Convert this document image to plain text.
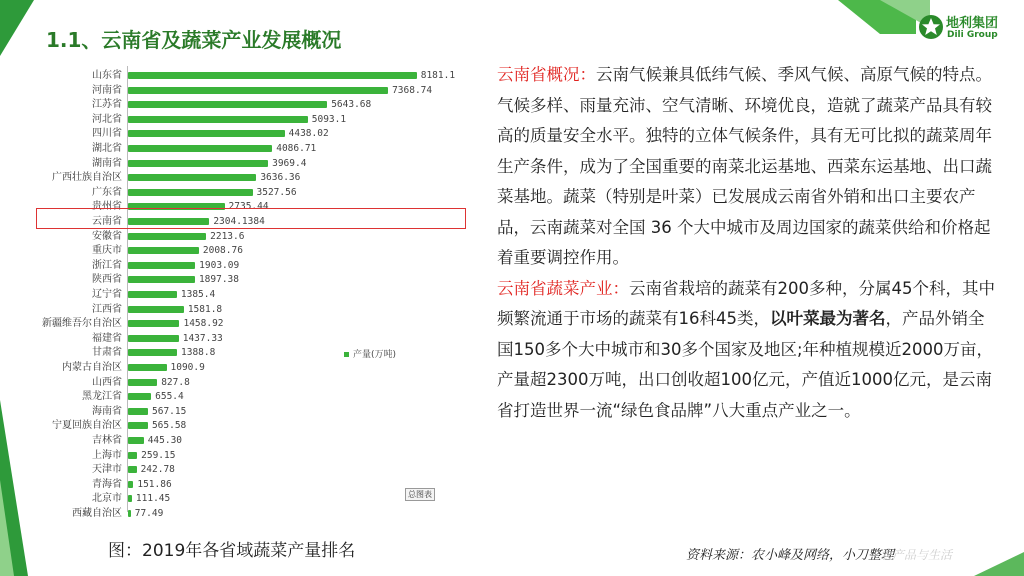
1.1、云南省及蔬菜产业发展概况
地利集团
Dili Group
产量(万吨)
山东省	8181.1
河南省	7368.74
江苏省	5643.68
河北省	5093.1
四川省	4438.02
湖北省	4086.71
湖南省	3969.4
广西壮族自治区	3636.36
广东省	3527.56
贵州省	2735.44
云南省	2304.1384
安徽省	2213.6
重庆市	2008.76
浙江省	1903.09
陕西省	1897.38
辽宁省	1385.4
江西省	1581.8
新疆维吾尔自治区	1458.92
福建省	1437.33
甘肃省	1388.8
内蒙古自治区	1090.9
山西省	827.8
黑龙江省	655.4
海南省	567.15
宁夏回族自治区	565.58
吉林省	445.30
上海市 259.15
天津市 242.78
青海省 151.86
北京市 111.45
西藏自治区 77.49
总图表
图：2019年各省域蔬菜产量排名

云南省概况：云南气候兼具低纬气候、季风气候、高原气候的特点。气候多样、雨量充沛、空气清晰、环境优良，造就了蔬菜产品具有较高的质量安全水平。独特的立体气候条件，具有无可比拟的蔬菜周年生产条件，成为了全国重要的南菜北运基地、西菜东运基地、出口蔬菜基地。蔬菜（特别是叶菜）已发展成云南省外销和出口主要农产品，云南蔬菜对全国 36 个大中城市及周边国家的蔬菜供给和价格起着重要调控作用。

云南省蔬菜产业：云南省栽培的蔬菜有200多种，分属45个科，其中频繁流通于市场的蔬菜有16科45类，以叶菜最为著名，产品外销全国150多个大中城市和30多个国家及地区;年种植规模近2000万亩，产量超2300万吨，出口创收超100亿元，产值近1000亿元，是云南省打造世界一流“绿色食品牌”八大重点产业之一。

资料来源：农小峰及网络，小刀整理
农产品与生活
